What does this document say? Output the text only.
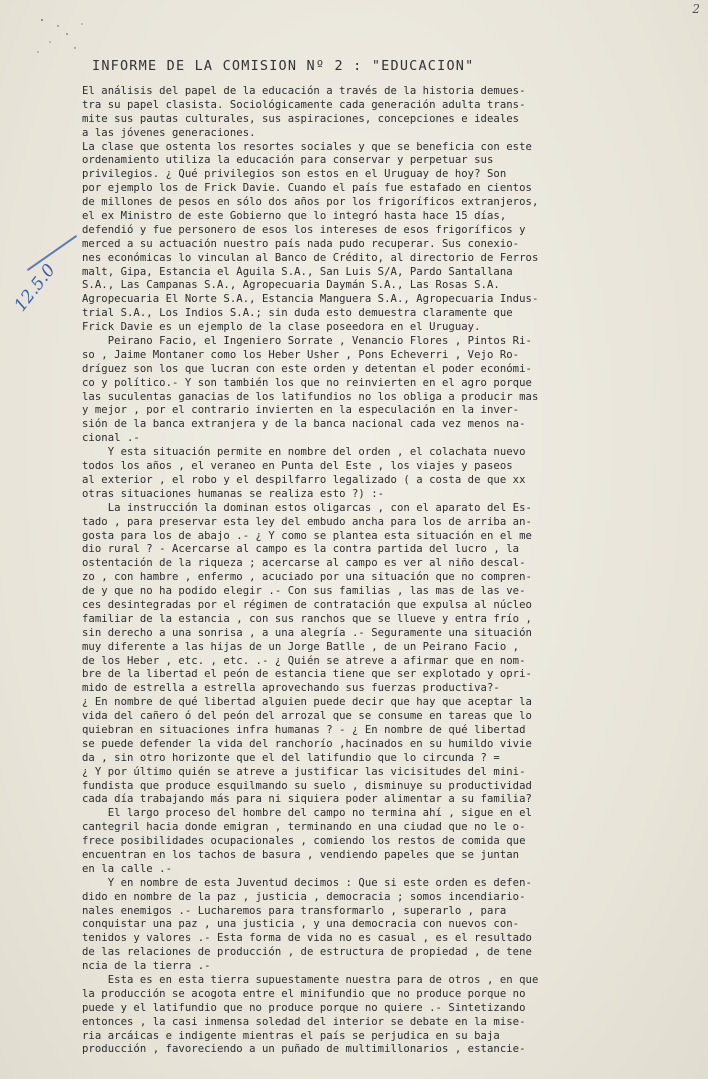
2
INFORME DE LA COMISION Nº 2 : "EDUCACION"
12.5.0
El análisis del papel de la educación a través de la historia demues-
tra su papel clasista. Sociológicamente cada generación adulta trans-
mite sus pautas culturales, sus aspiraciones, concepciones e ideales
a las jóvenes generaciones.
La clase que ostenta los resortes sociales y que se beneficia con este
ordenamiento utiliza la educación para conservar y perpetuar sus
privilegios. ¿ Qué privilegios son estos en el Uruguay de hoy? Son
por ejemplo los de Frick Davie. Cuando el país fue estafado en cientos
de millones de pesos en sólo dos años por los frigoríficos extranjeros,
el ex Ministro de este Gobierno que lo integró hasta hace 15 días,
defendió y fue personero de esos los intereses de esos frigoríficos y
merced a su actuación nuestro país nada pudo recuperar. Sus conexio-
nes económicas lo vinculan al Banco de Crédito, al directorio de Ferros
malt, Gipa, Estancia el Águila S.A., San Luis S/A, Pardo Santallana
S.A., Las Campanas S.A., Agropecuaria Daymán S.A., Las Rosas S.A.
Agropecuaria El Norte S.A., Estancia Manguera S.A., Agropecuaria Indus-
trial S.A., Los Indios S.A.; sin duda esto demuestra claramente que
Frick Davie es un ejemplo de la clase poseedora en el Uruguay.
Peirano Facio, el Ingeniero Sorrate , Venancio Flores , Pintos Ri-
so , Jaime Montaner como los Heber Usher , Pons Echeverri , Vejo Ro-
dríguez son los que lucran con este orden y detentan el poder económi-
co y político.- Y son también los que no reinvierten en el agro porque
las suculentas ganacias de los latifundios no los obliga a producir mas
y mejor , por el contrario invierten en la especulación en la inver-
sión de la banca extranjera y de la banca nacional cada vez menos na-
cional .-
Y esta situación permite en nombre del orden , el colachata nuevo
todos los años , el veraneo en Punta del Este , los viajes y paseos
al exterior , el robo y el despilfarro legalizado ( a costa de que xx
otras situaciones humanas se realiza esto ?) :-
La instrucción la dominan estos oligarcas , con el aparato del Es-
tado , para preservar esta ley del embudo ancha para los de arriba an-
gosta para los de abajo .- ¿ Y como se plantea esta situación en el me
dio rural ? - Acercarse al campo es la contra partida del lucro , la
ostentación de la riqueza ; acercarse al campo es ver al niño descal-
zo , con hambre , enfermo , acuciado por una situación que no compren-
de y que no ha podido elegir .- Con sus familias , las mas de las ve-
ces desintegradas por el régimen de contratación que expulsa al núcleo
familiar de la estancia , con sus ranchos que se llueve y entra frío ,
sin derecho a una sonrisa , a una alegría .- Seguramente una situación
muy diferente a las hijas de un Jorge Batlle , de un Peirano Facio ,
de los Heber , etc. , etc. .- ¿ Quién se atreve a afirmar que en nom-
bre de la libertad el peón de estancia tiene que ser explotado y opri-
mido de estrella a estrella aprovechando sus fuerzas productiva?-
¿ En nombre de qué libertad alguien puede decir que hay que aceptar la
vida del cañero ó del peón del arrozal que se consume en tareas que lo
quiebran en situaciones infra humanas ? - ¿ En nombre de qué libertad
se puede defender la vida del ranchorío ,hacinados en su humildo vivie
da , sin otro horizonte que el del latifundio que lo circunda ? =
¿ Y por último quién se atreve a justificar las vicisitudes del mini-
fundista que produce esquilmando su suelo , disminuye su productividad
cada día trabajando más para ni siquiera poder alimentar a su familia?
El largo proceso del hombre del campo no termina ahí , sigue en el
cantegril hacia donde emigran , terminando en una ciudad que no le o-
frece posibilidades ocupacionales , comiendo los restos de comida que
encuentran en los tachos de basura , vendiendo papeles que se juntan
en la calle .-
Y en nombre de esta Juventud decimos : Que si este orden es defen-
dido en nombre de la paz , justicia , democracia ; somos incendiario-
nales enemigos .- Lucharemos para transformarlo , superarlo , para
conquistar una paz , una justicia , y una democracia con nuevos con-
tenidos y valores .- Esta forma de vida no es casual , es el resultado
de las relaciones de producción , de estructura de propiedad , de tene
ncia de la tierra .-
Esta es en esta tierra supuestamente nuestra para de otros , en que
la producción se acogota entre el minifundio que no produce porque no
puede y el latifundio que no produce porque no quiere .- Sintetizando
entonces , la casi inmensa soledad del interior se debate en la mise-
ria arcáicas e indigente mientras el país se perjudica en su baja
producción , favoreciendo a un puñado de multimillonarios , estancie-
